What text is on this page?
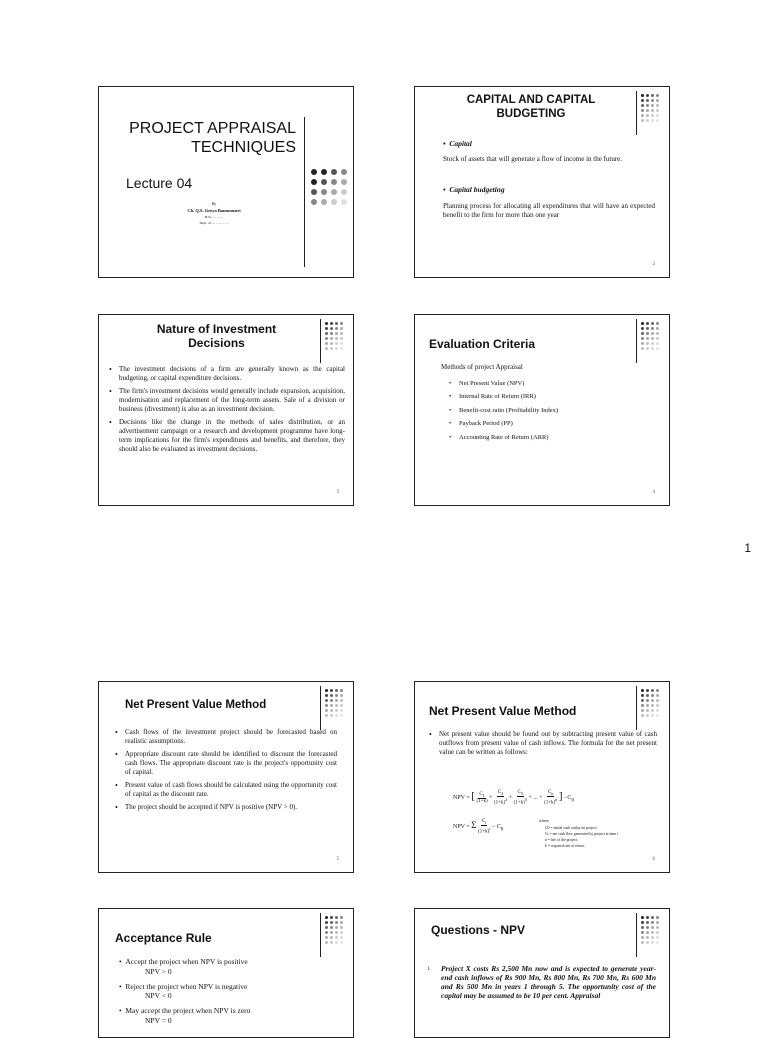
PROJECT APPRAISAL TECHNIQUES
Lecture 04
By
Ch. Q.S. Geeya Bamunusiri
B.Sc. ... ... ...
Dept. of ... ... ... ... ...
CAPITAL AND CAPITAL BUDGETING
•  Capital
Stock of assets that will generate a flow of income in the future.
•  Capital budgeting
Planning process for allocating all expenditures that will have an expected benefit to the firm for more than one year
2
Nature of Investment Decisions

• The investment decisions of a firm are generally known as the capital budgeting, or capital expenditure decisions.

• The firm's investment decisions would generally include expansion, acquisition, modernisation and replacement of the long-term assets. Sale of a division or business (divestment) is also as an investment decision.

• Decisions like the change in the methods of sales distribution, or an advertisement campaign or a research and development programme have long-term implications for the firm's expenditures and benefits, and therefore, they should also be evaluated as investment decisions.

3
Evaluation Criteria
Methods of project Appraisal
• Net Present Value (NPV)
• Internal Rate of Return (IRR)
• Benefit-cost ratio (Profitability Index)
• Payback Period (PP)
• Accounting Rate of Return (ARR)
4
1
Net Present Value Method

• Cash flows of the investment project should be forecasted based on realistic assumptions.

• Appropriate discount rate should be identified to discount the forecasted cash flows. The appropriate discount rate is the project's opportunity cost of capital.

• Present value of cash flows should be calculated using the opportunity cost of capital as the discount rate.

• The project should be accepted if NPV is positive (NPV > 0).

5
Net Present Value Method

• Net present value should be found out by subtracting present value of cash outflows from present value of cash inflows. The formula for the net present value can be written as follows:

NPV = [ $\frac{C_1}{(1+k)} + \frac{C_2}{(1+k)^2} + \frac{C_3}{(1+k)^3}$ + ... + $\frac{C_n}{(1+k)^n}$ ] $-C_0$
NPV = Σ $\frac{C_t}{(1+k)^t} - C_0$
where
C0 = initial cash outlay on project
Ct = net cash flow generated by project at time t
n = life of the project
k = required rate of return
6
Acceptance Rule
•  Accept the project when NPV is positive
NPV > 0
•  Reject the project when NPV is negative
NPV < 0
•  May accept the project when NPV is zero
NPV = 0
Questions - NPV
1. Project X costs Rs 2,500 Mn now and is expected to generate year-end cash inflows of Rs 900 Mn, Rs 800 Mn, Rs 700 Mn, Rs 600 Mn and Rs 500 Mn in years 1 through 5. The opportunity cost of the capital may be assumed to be 10 per cent. Appraisal
